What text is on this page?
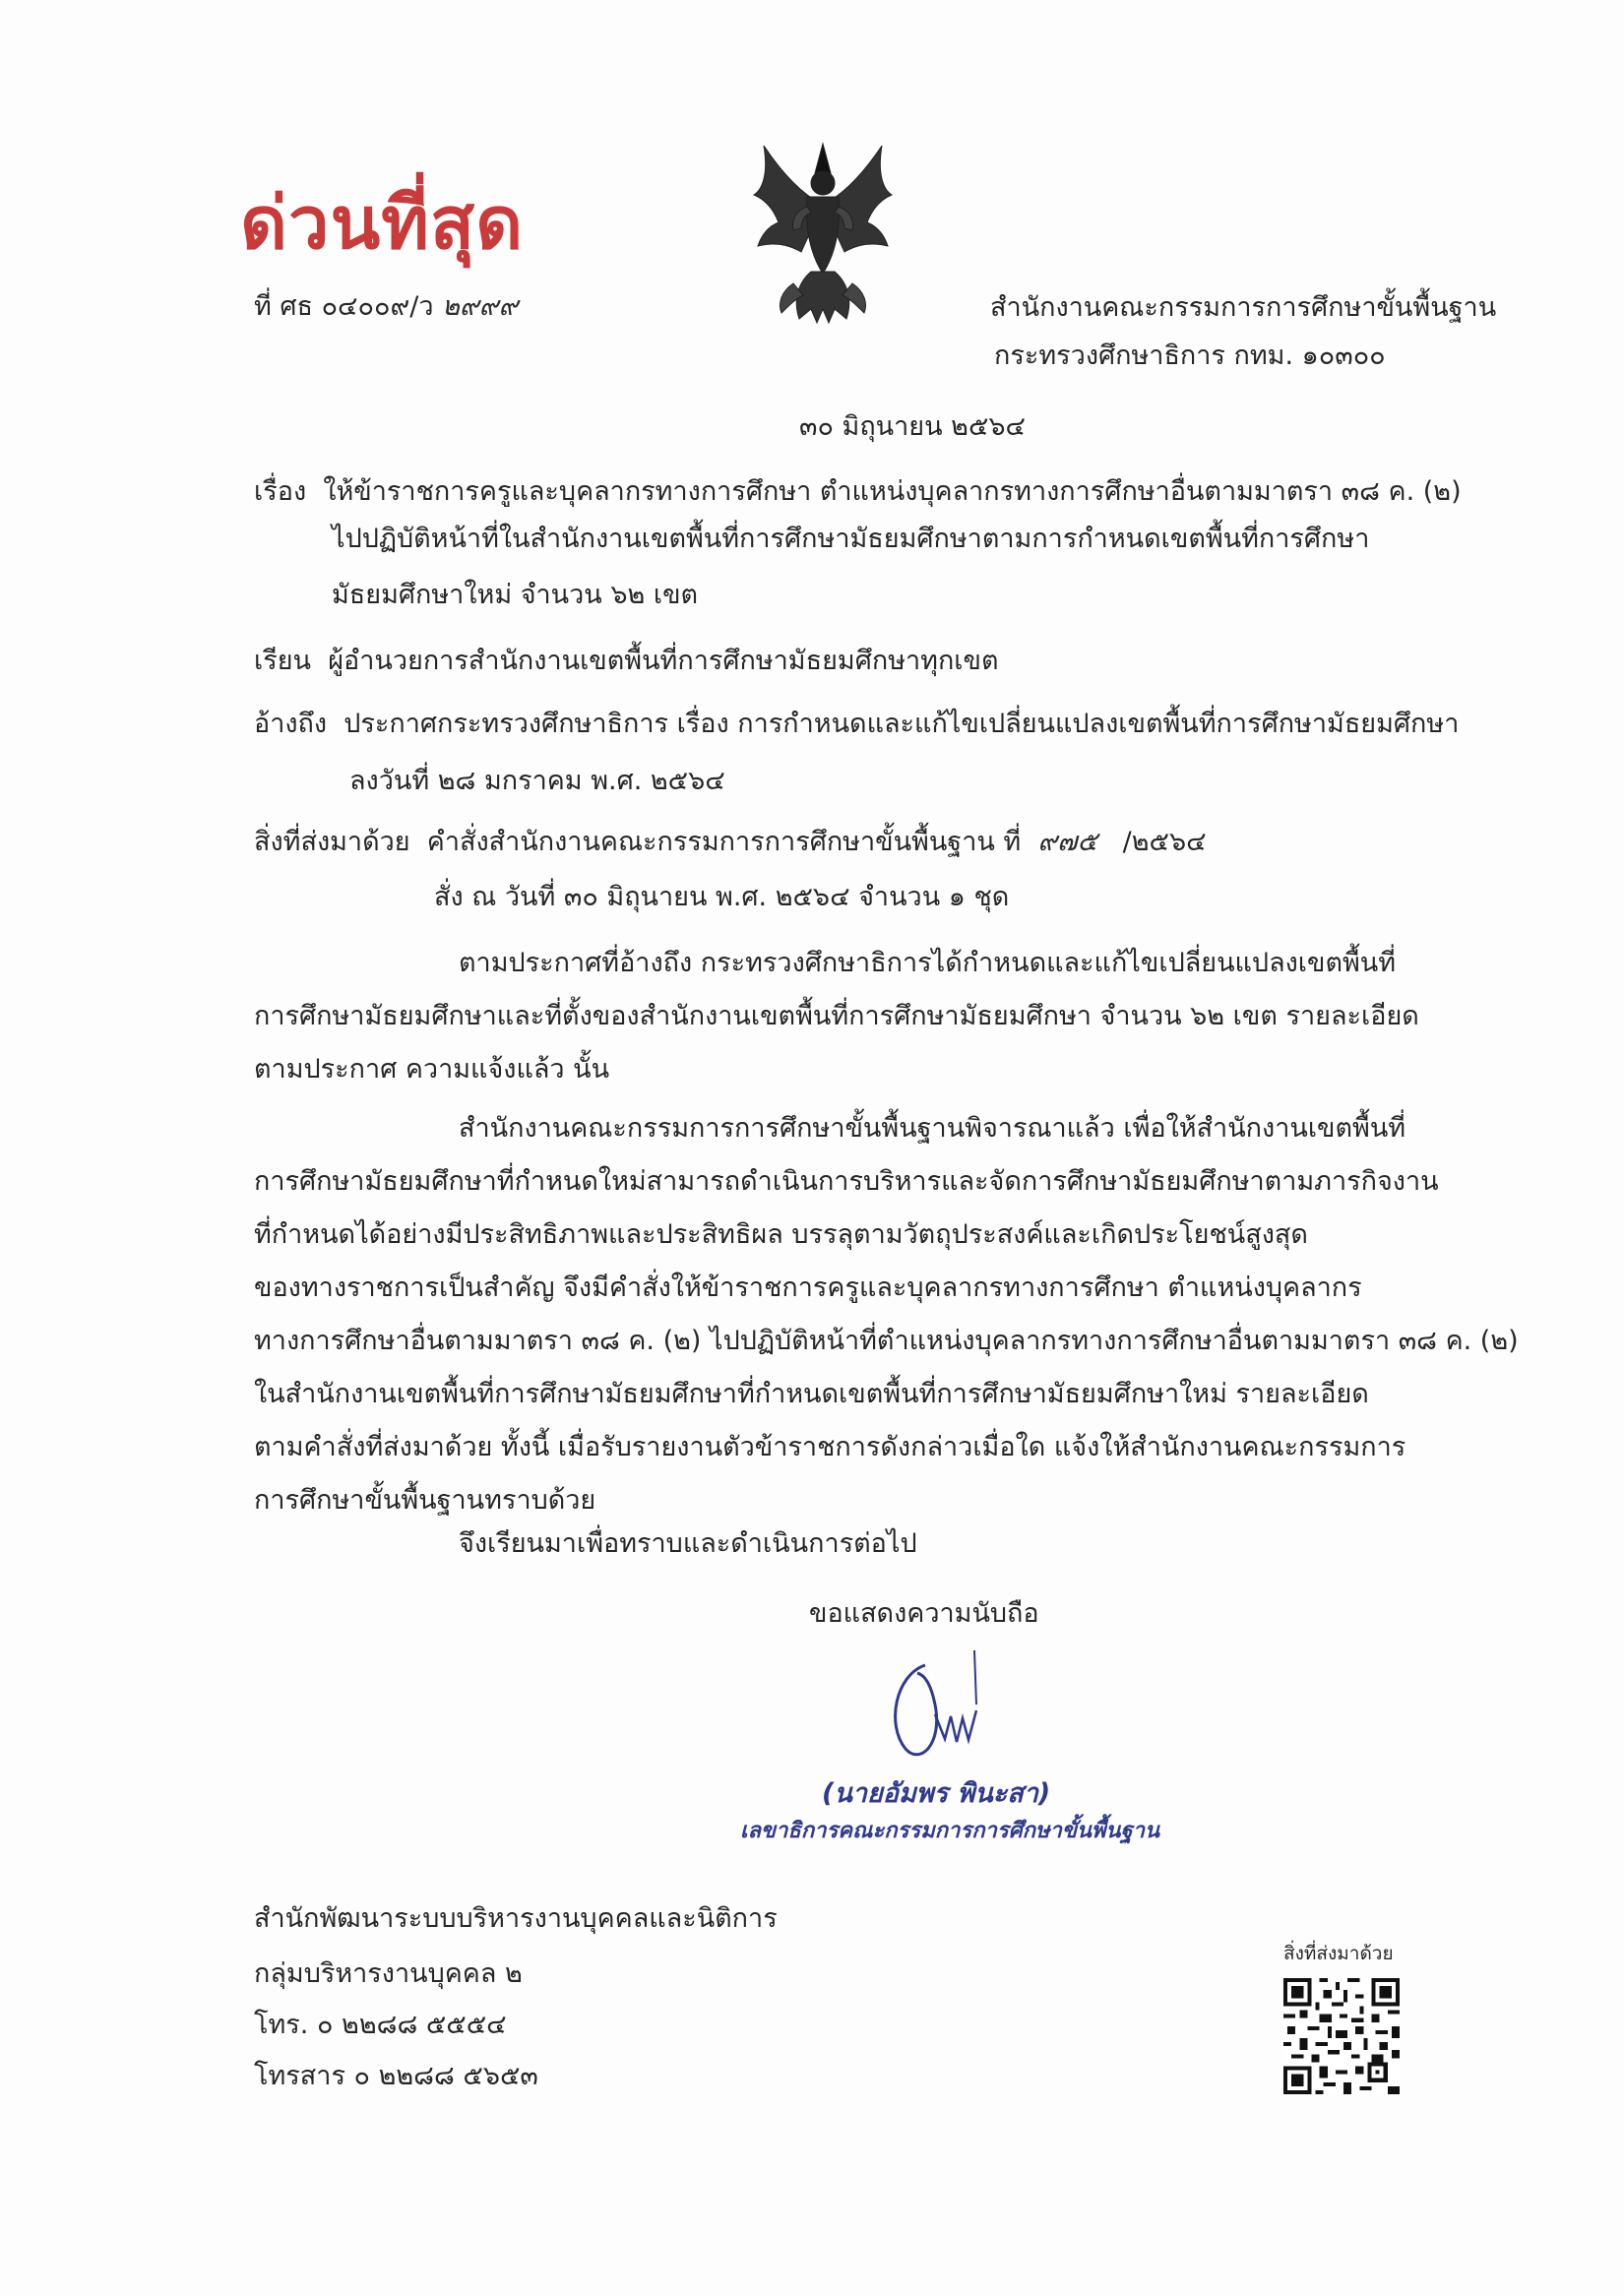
ด่วนที่สุด
ที่ ศธ ๐๔๐๐๙/ว ๒๙๙๙	สำนักงานคณะกรรมการการศึกษาขั้นพื้นฐาน
กระทรวงศึกษาธิการ กทม. ๑๐๓๐๐
๓๐ มิถุนายน ๒๕๖๔
เรื่อง ให้ข้าราชการครูและบุคลากรทางการศึกษา ตำแหน่งบุคลากรทางการศึกษาอื่นตามมาตรา ๓๘ ค. (๒)
ไปปฏิบัติหน้าที่ในสำนักงานเขตพื้นที่การศึกษามัธยมศึกษาตามการกำหนดเขตพื้นที่การศึกษา
มัธยมศึกษาใหม่ จำนวน ๖๒ เขต
เรียน ผู้อำนวยการสำนักงานเขตพื้นที่การศึกษามัธยมศึกษาทุกเขต
อ้างถึง ประกาศกระทรวงศึกษาธิการ เรื่อง การกำหนดและแก้ไขเปลี่ยนแปลงเขตพื้นที่การศึกษามัธยมศึกษา
ลงวันที่ ๒๘ มกราคม พ.ศ. ๒๕๖๔
สิ่งที่ส่งมาด้วย คำสั่งสำนักงานคณะกรรมการการศึกษาขั้นพื้นฐาน ที่ ๙๗๕ /๒๕๖๔
สั่ง ณ วันที่ ๓๐ มิถุนายน พ.ศ. ๒๕๖๔ จำนวน ๑ ชุด
ตามประกาศที่อ้างถึง กระทรวงศึกษาธิการได้กำหนดและแก้ไขเปลี่ยนแปลงเขตพื้นที่
การศึกษามัธยมศึกษาและที่ตั้งของสำนักงานเขตพื้นที่การศึกษามัธยมศึกษา จำนวน ๖๒ เขต รายละเอียด
ตามประกาศ ความแจ้งแล้ว นั้น
สำนักงานคณะกรรมการการศึกษาขั้นพื้นฐานพิจารณาแล้ว เพื่อให้สำนักงานเขตพื้นที่
การศึกษามัธยมศึกษาที่กำหนดใหม่สามารถดำเนินการบริหารและจัดการศึกษามัธยมศึกษาตามภารกิจงาน
ที่กำหนดได้อย่างมีประสิทธิภาพและประสิทธิผล บรรลุตามวัตถุประสงค์และเกิดประโยชน์สูงสุด
ของทางราชการเป็นสำคัญ จึงมีคำสั่งให้ข้าราชการครูและบุคลากรทางการศึกษา ตำแหน่งบุคลากร
ทางการศึกษาอื่นตามมาตรา ๓๘ ค. (๒) ไปปฏิบัติหน้าที่ตำแหน่งบุคลากรทางการศึกษาอื่นตามมาตรา ๓๘ ค. (๒)
ในสำนักงานเขตพื้นที่การศึกษามัธยมศึกษาที่กำหนดเขตพื้นที่การศึกษามัธยมศึกษาใหม่ รายละเอียด
ตามคำสั่งที่ส่งมาด้วย ทั้งนี้ เมื่อรับรายงานตัวข้าราชการดังกล่าวเมื่อใด แจ้งให้สำนักงานคณะกรรมการ
การศึกษาขั้นพื้นฐานทราบด้วย
จึงเรียนมาเพื่อทราบและดำเนินการต่อไป
ขอแสดงความนับถือ
(นายอัมพร พินะสา)
เลขาธิการคณะกรรมการการศึกษาขั้นพื้นฐาน
สำนักพัฒนาระบบบริหารงานบุคคลและนิติการ
กลุ่มบริหารงานบุคคล ๒
โทร. ๐ ๒๒๘๘ ๕๕๕๔
โทรสาร ๐ ๒๒๘๘ ๕๖๕๓
สิ่งที่ส่งมาด้วย
